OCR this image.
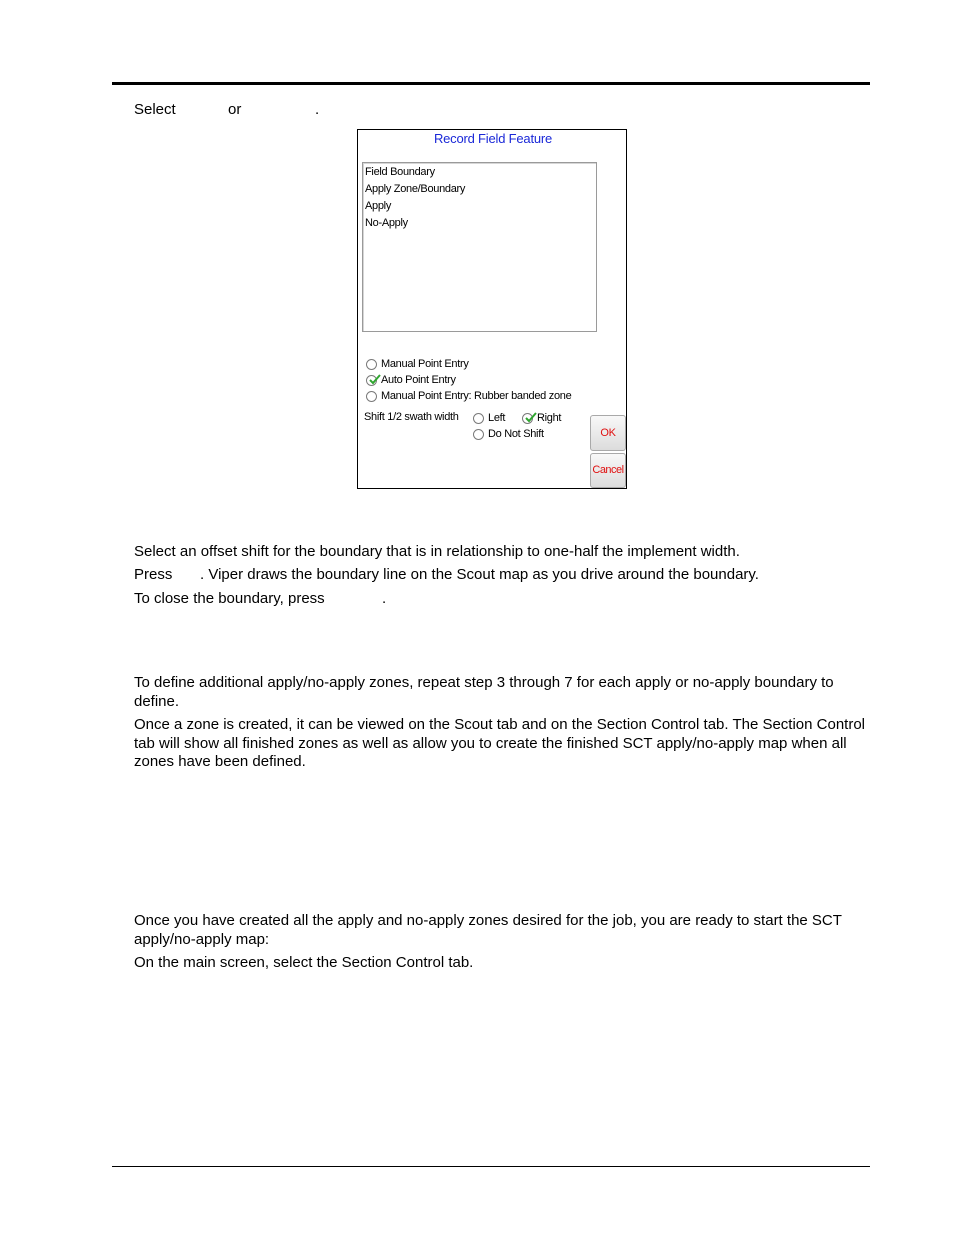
Select	or	.
Record Field Feature
Field Boundary
Apply Zone/Boundary
Apply
No-Apply
Manual Point Entry
Auto Point Entry
Manual Point Entry: Rubber banded zone
Shift 1/2 swath width	Left	Right
Do Not Shift	OK
Cancel
Select an offset shift for the boundary that is in relationship to one-half the implement width.
Press . Viper draws the boundary line on the Scout map as you drive around the boundary.
To close the boundary, press	.
To define additional apply/no-apply zones, repeat step 3 through 7 for each apply or no-apply boundary to define.
Once a zone is created, it can be viewed on the Scout tab and on the Section Control tab. The Section Control tab will show all finished zones as well as allow you to create the finished SCT apply/no-apply map when all zones have been defined.
Once you have created all the apply and no-apply zones desired for the job, you are ready to start the SCT apply/no-apply map:
On the main screen, select the Section Control tab.
